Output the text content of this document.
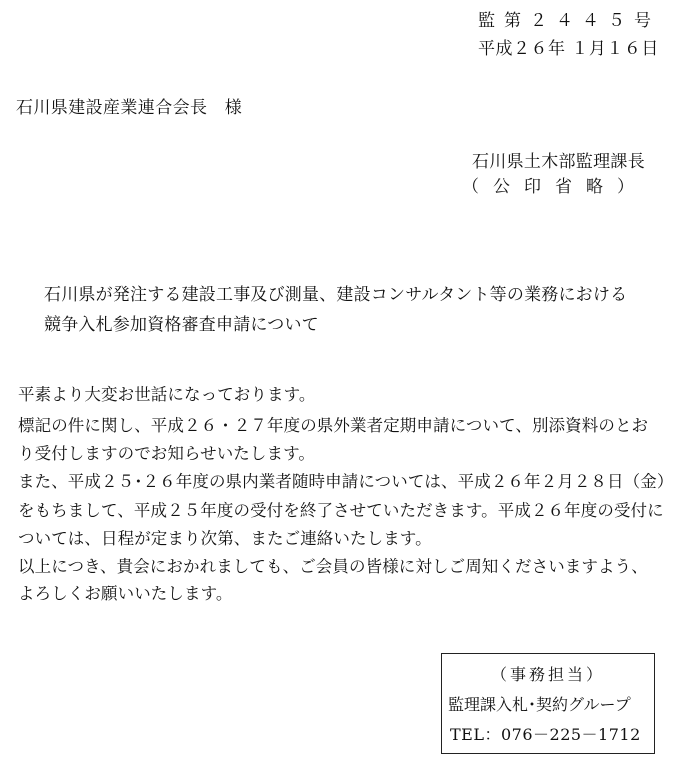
監第２４４５号
平成２６年 １月１６日
石川県建設産業連合会長　様
石川県土木部監理課長
（公印省略）
石川県が発注する建設工事及び測量、建設コンサルタント等の業務における
競争入札参加資格審査申請について
平素より大変お世話になっております。
標記の件に関し、平成２６・２７年度の県外業者定期申請について、別添資料のとお
り受付しますのでお知らせいたします。
また、平成２５･２６年度の県内業者随時申請については、平成２６年２月２８日（金）
をもちまして、平成２５年度の受付を終了させていただきます。平成２６年度の受付に
ついては、日程が定まり次第、またご連絡いたします。
以上につき、貴会におかれましても、ご会員の皆様に対しご周知くださいますよう、
よろしくお願いいたします。
（事務担当）
監理課入札･契約グループ
TEL：076－225－1712
